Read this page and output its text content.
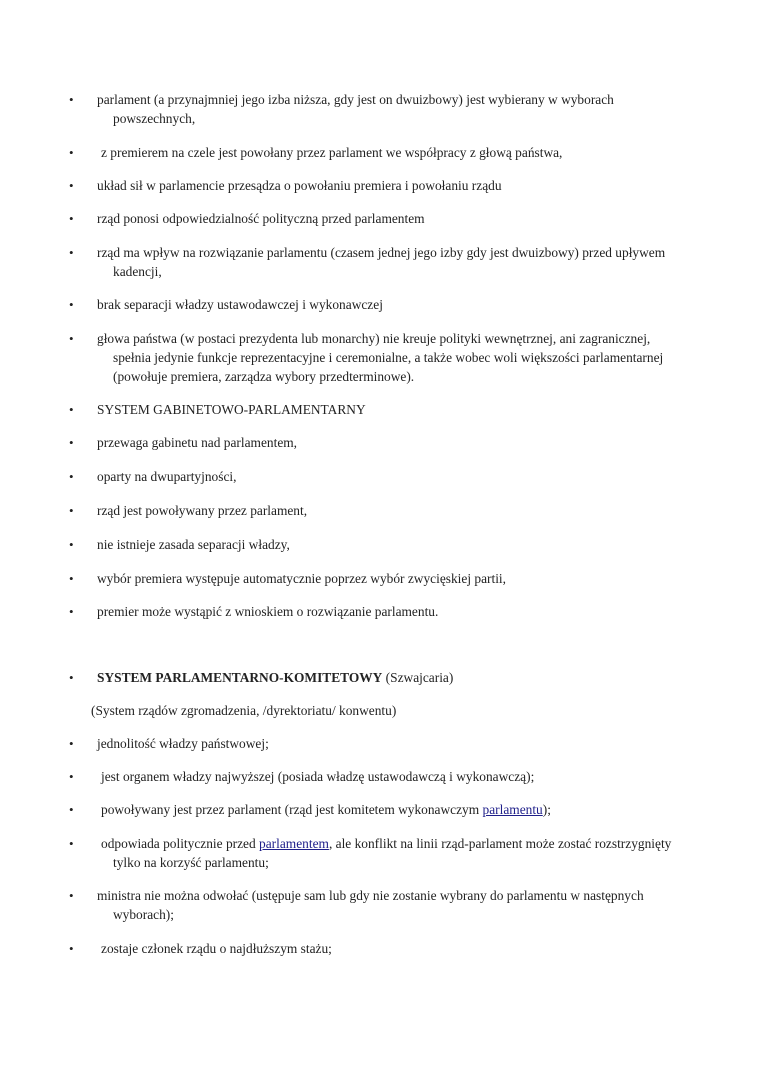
• parlament (a przynajmniej jego izba niższa, gdy jest on dwuizbowy) jest wybierany w wyborach powszechnych,

• z premierem na czele jest powołany przez parlament we współpracy z głową państwa,

• układ sił w parlamencie przesądza o powołaniu premiera i powołaniu rządu

• rząd ponosi odpowiedzialność polityczną przed parlamentem

• rząd ma wpływ na rozwiązanie parlamentu (czasem jednej jego izby gdy jest dwuizbowy) przed upływem kadencji,

• brak separacji władzy ustawodawczej i wykonawczej

• głowa państwa (w postaci prezydenta lub monarchy) nie kreuje polityki wewnętrznej, ani zagranicznej, spełnia jedynie funkcje reprezentacyjne i ceremonialne, a także wobec woli większości parlamentarnej (powołuje premiera, zarządza wybory przedterminowe).

• SYSTEM GABINETOWO-PARLAMENTARNY

• przewaga gabinetu nad parlamentem,

• oparty na dwupartyjności,

• rząd jest powoływany przez parlament,

• nie istnieje zasada separacji władzy,

• wybór premiera występuje automatycznie poprzez wybór zwycięskiej partii,

• premier może wystąpić z wnioskiem o rozwiązanie parlamentu.

• SYSTEM PARLAMENTARNO-KOMITETOWY (Szwajcaria)

(System rządów zgromadzenia, /dyrektoriatu/ konwentu)

• jednolitość władzy państwowej;

• jest organem władzy najwyższej (posiada władzę ustawodawczą i wykonawczą);

• powoływany jest przez parlament (rząd jest komitetem wykonawczym parlamentu);

• odpowiada politycznie przed parlamentem, ale konflikt na linii rząd-parlament może zostać rozstrzygnięty tylko na korzyść parlamentu;

• ministra nie można odwołać (ustępuje sam lub gdy nie zostanie wybrany do parlamentu w następnych wyborach);

• zostaje członek rządu o najdłuższym stażu;
